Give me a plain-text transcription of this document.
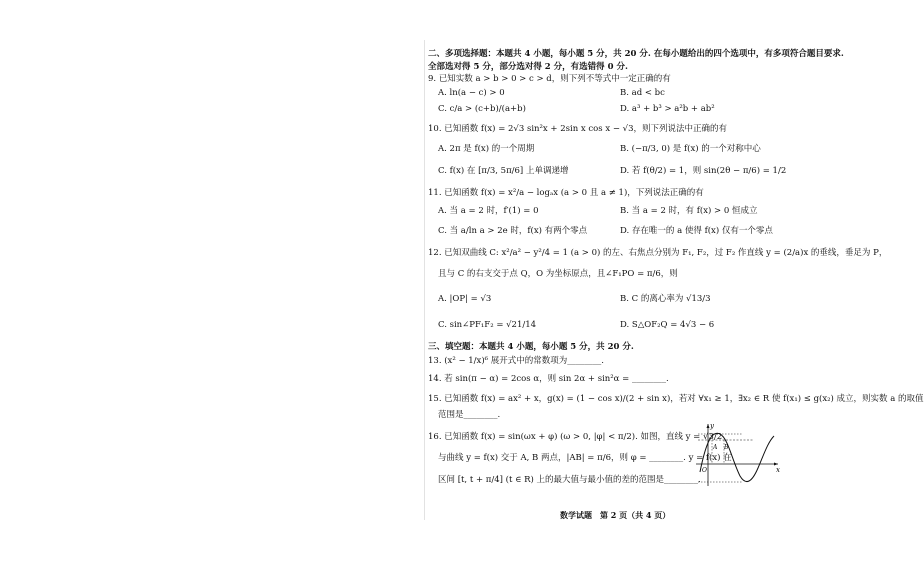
二、多项选择题：本题共 4 小题，每小题 5 分，共 20 分. 在每小题给出的四个选项中，有多项符合题目要求.
全部选对得 5 分，部分选对得 2 分，有选错得 0 分.
9. 已知实数 a > b > 0 > c > d，则下列不等式中一定正确的有
A. ln(a − c) > 0	B. ad < bc
C. c/a > (c+b)/(a+b)	D. a³ + b³ > a²b + ab²
10. 已知函数 f(x) = 2√3 sin²x + 2sin x cos x − √3，则下列说法中正确的有
A. 2π 是 f(x) 的一个周期	B. (−π/3, 0) 是 f(x) 的一个对称中心
C. f(x) 在 [π/3, 5π/6] 上单调递增	D. 若 f(θ/2) = 1，则 sin(2θ − π/6) = 1/2
11. 已知函数 f(x) = x²/a − logₐx (a > 0 且 a ≠ 1)，下列说法正确的有
A. 当 a = 2 时，f′(1) = 0	B. 当 a = 2 时，有 f(x) > 0 恒成立
C. 当 a/ln a > 2e 时，f(x) 有两个零点	D. 存在唯一的 a 使得 f(x) 仅有一个零点
12. 已知双曲线 C: x²/a² − y²/4 = 1 (a > 0) 的左、右焦点分别为 F₁, F₂，过 F₂ 作直线 y = (2/a)x 的垂线，垂足为 P，
且与 C 的右支交于点 Q，O 为坐标原点，且∠F₁PO = π/6，则
A. |OP| = √3	B. C 的离心率为 √13/3
C. sin∠PF₁F₂ = √21/14	D. S△OF₂Q = 4√3 − 6
三、填空题：本题共 4 小题，每小题 5 分，共 20 分.
13. (x² − 1/x)⁶ 展开式中的常数项为________.
14. 若 sin(π − α) = 2cos α，则 sin 2α + sin²α = ________.
15. 已知函数 f(x) = ax² + x，g(x) = (1 − cos x)/(2 + sin x)，若对 ∀x₁ ≥ 1，∃x₂ ∈ R 使 f(x₁) ≤ g(x₂) 成立，则实数 a 的取值
范围是________.
16. 已知函数 f(x) = sin(ωx + φ) (ω > 0, |φ| < π/2). 如图，直线 y = √3/2
与曲线 y = f(x) 交于 A, B 两点，|AB| = π/6，则 φ = ________. y = f(x) 在
区间 [t, t + π/4] (t ∈ R) 上的最大值与最小值的差的范围是________.
y
x
O
A B
数学试题　第 2 页（共 4 页）
